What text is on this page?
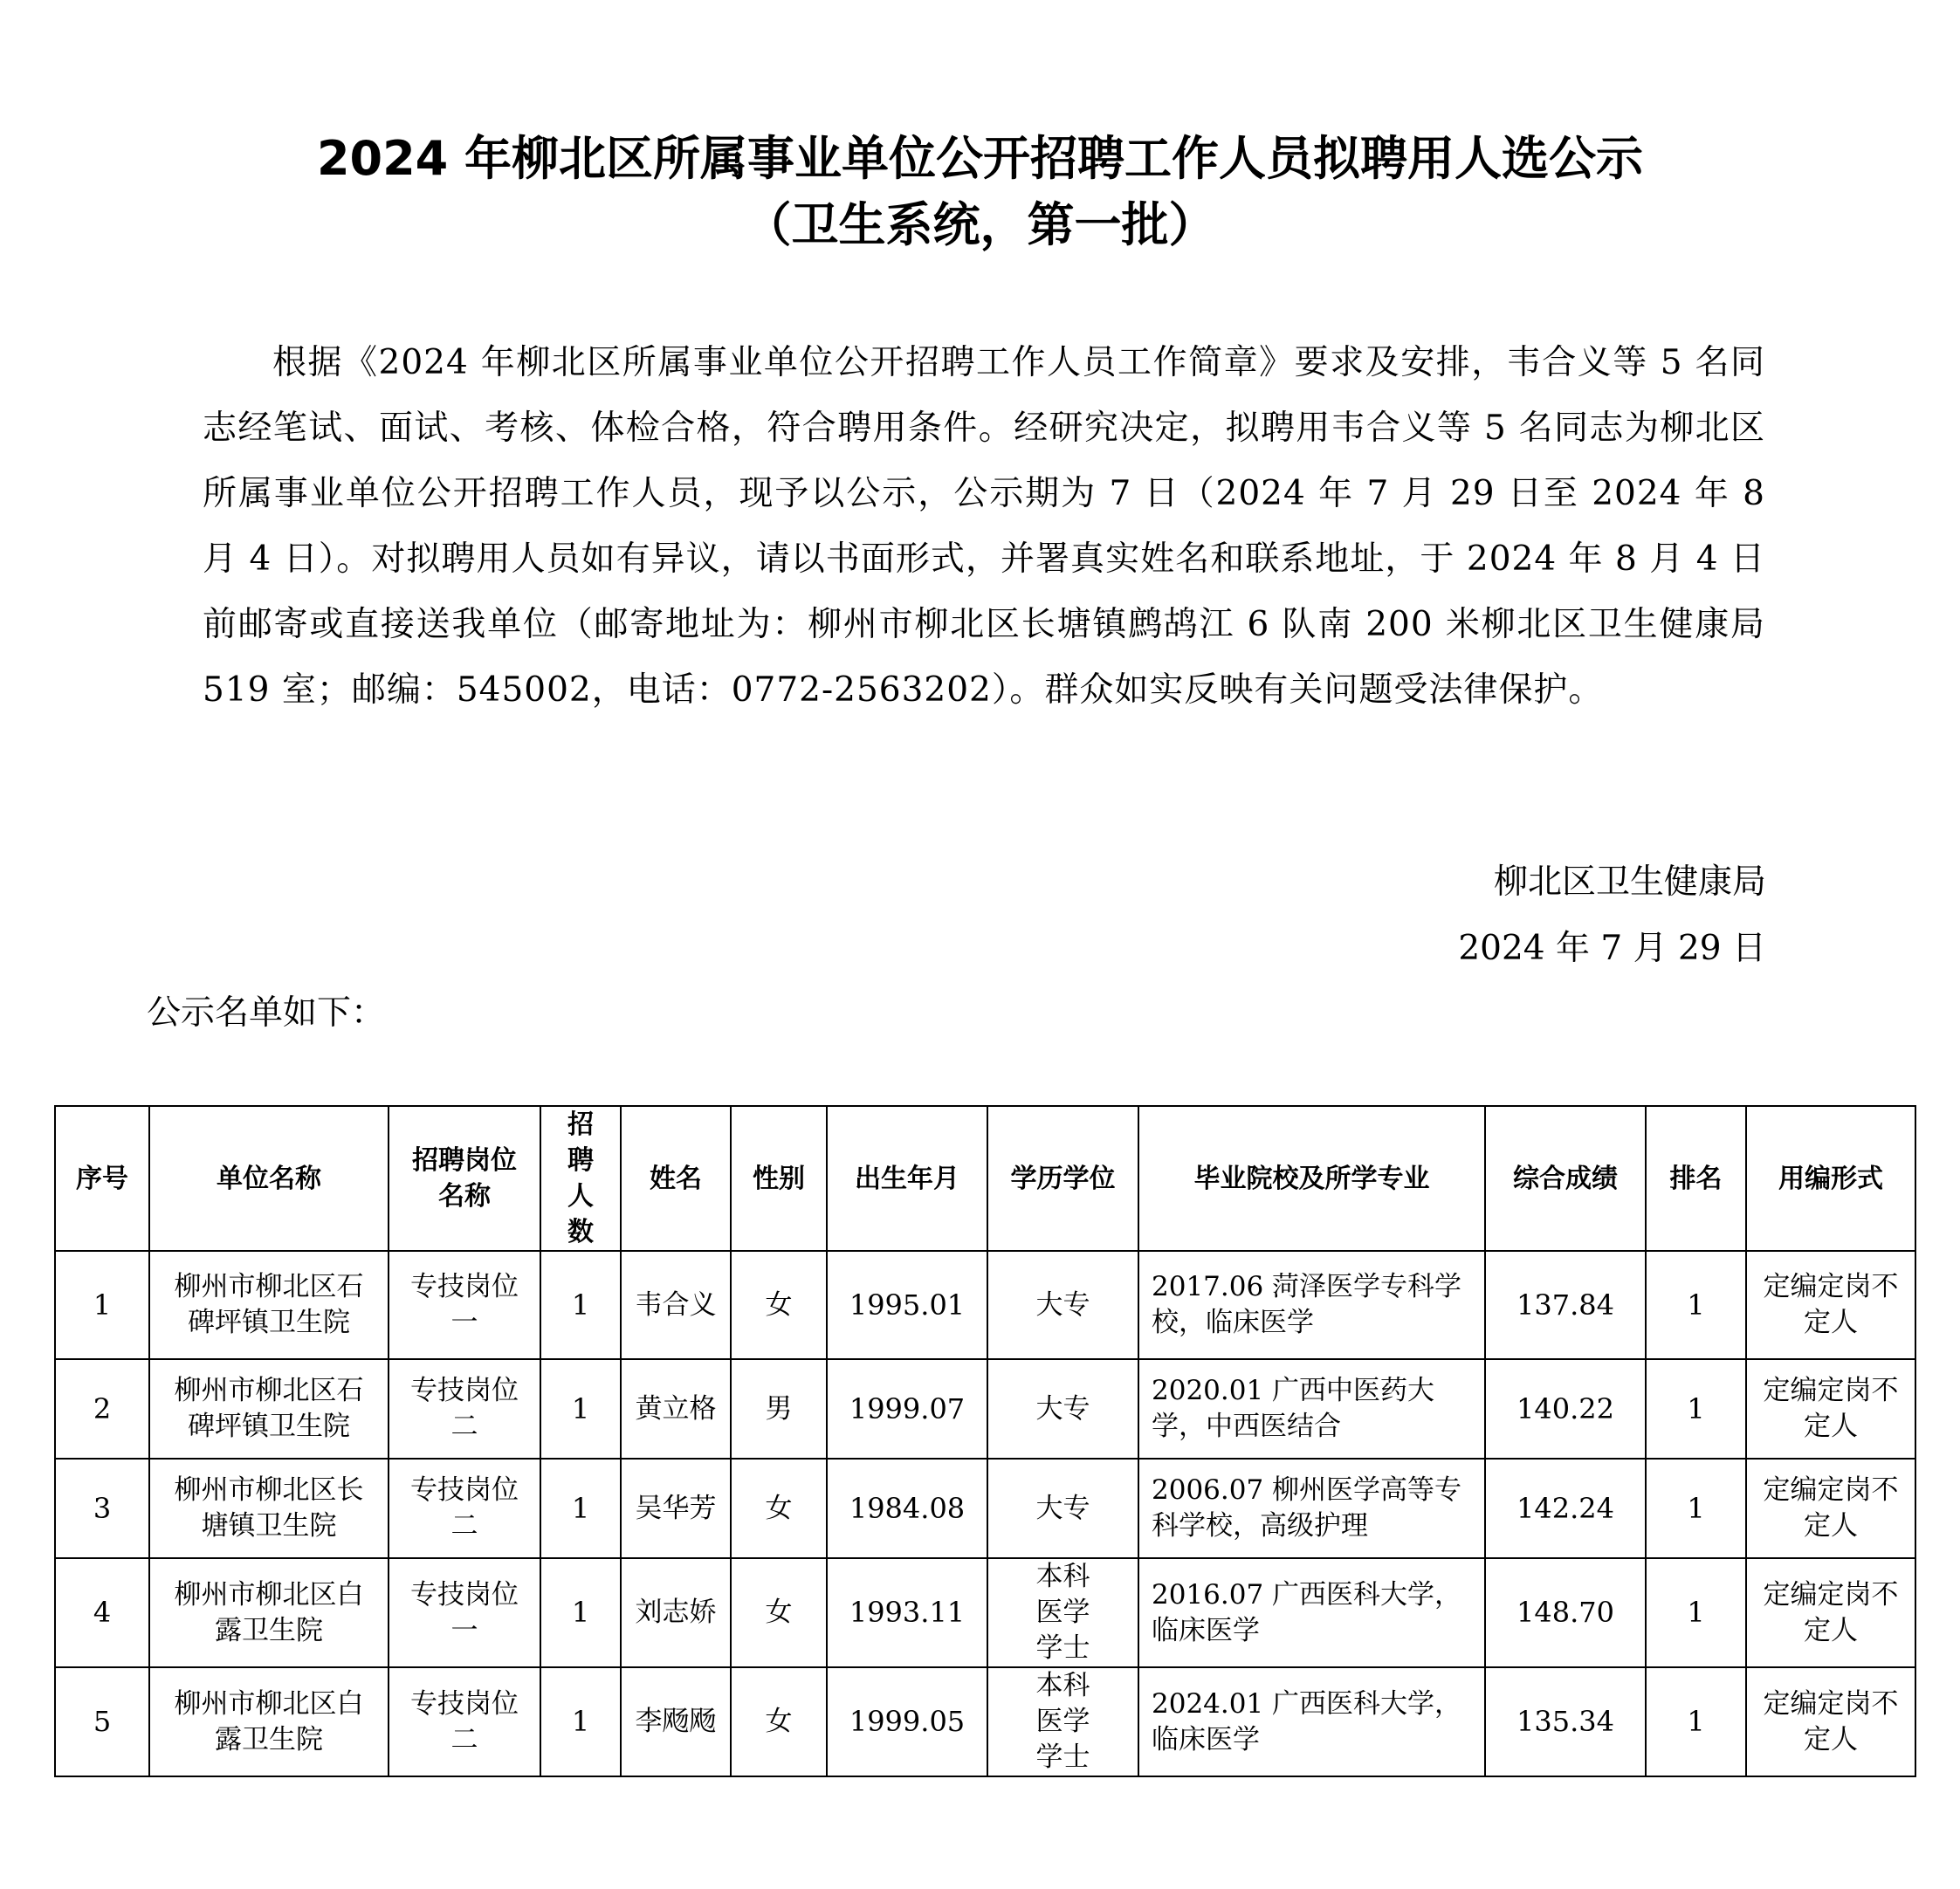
2024 年柳北区所属事业单位公开招聘工作人员拟聘用人选公示
（卫生系统，第一批）

根据《2024 年柳北区所属事业单位公开招聘工作人员工作简章》要求及安排，韦合义等 5 名同志经笔试、面试、考核、体检合格，符合聘用条件。经研究决定，拟聘用韦合义等 5 名同志为柳北区所属事业单位公开招聘工作人员，现予以公示，公示期为 7 日（2024 年 7 月 29 日至 2024 年 8 月 4 日）。对拟聘用人员如有异议，请以书面形式，并署真实姓名和联系地址，于 2024 年 8 月 4 日前邮寄或直接送我单位（邮寄地址为：柳州市柳北区长塘镇鹧鸪江 6 队南 200 米柳北区卫生健康局 519 室；邮编：545002，电话：0772-2563202）。群众如实反映有关问题受法律保护。

柳北区卫生健康局

2024 年 7 月 29 日

公示名单如下：

序号	单位名称	招聘岗位名称	招聘人数	姓名	性别	出生年月	学历学位	毕业院校及所学专业	综合成绩	排名	用编形式
1	柳州市柳北区石碑坪镇卫生院	专技岗位一	1	韦合义	女	1995.01	大专	2017.06 菏泽医学专科学校，临床医学	137.84	1	定编定岗不定人
2	柳州市柳北区石碑坪镇卫生院	专技岗位二	1	黄立格	男	1999.07	大专	2020.01 广西中医药大学，中西医结合	140.22	1	定编定岗不定人
3	柳州市柳北区长塘镇卫生院	专技岗位二	1	吴华芳	女	1984.08	大专	2006.07 柳州医学高等专科学校，高级护理	142.24	1	定编定岗不定人
4	柳州市柳北区白露卫生院	专技岗位一	1	刘志娇	女	1993.11	本科医学学士	2016.07 广西医科大学，临床医学	148.70	1	定编定岗不定人
5	柳州市柳北区白露卫生院	专技岗位二	1	李飏飏	女	1999.05	本科医学学士	2024.01 广西医科大学，临床医学	135.34	1	定编定岗不定人
